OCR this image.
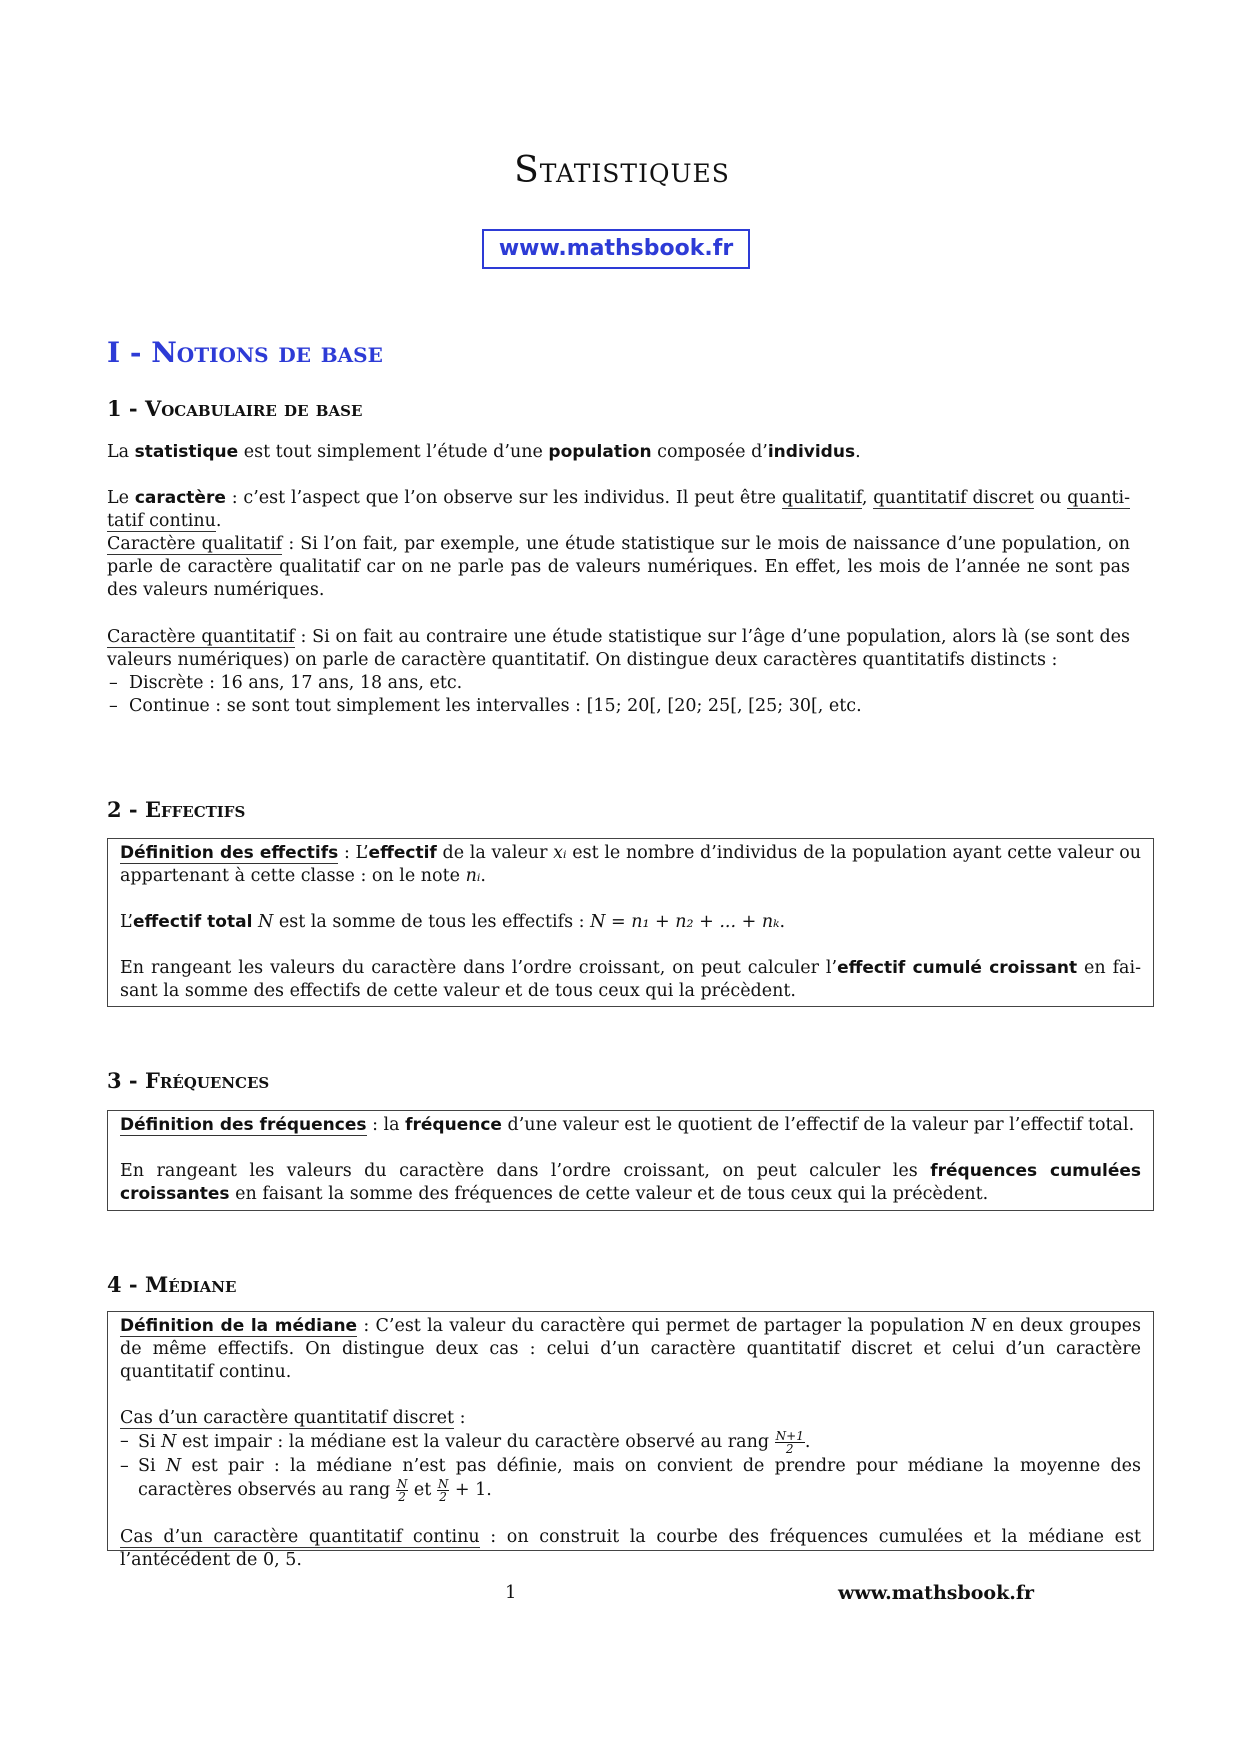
Statistiques
www.mathsbook.fr
I - Notions de base
1 - Vocabulaire de base
La statistique est tout simplement l’étude d’une population composée d’individus.
Le caractère : c’est l’aspect que l’on observe sur les individus. Il peut être qualitatif, quantitatif discret ou quanti-tatif continu.
Caractère qualitatif : Si l’on fait, par exemple, une étude statistique sur le mois de naissance d’une population, on parle de caractère qualitatif car on ne parle pas de valeurs numériques. En effet, les mois de l’année ne sont pas des valeurs numériques.
Caractère quantitatif : Si on fait au contraire une étude statistique sur l’âge d’une population, alors là (se sont des valeurs numériques) on parle de caractère quantitatif. On distingue deux caractères quantitatifs distincts :
– Discrète : 16 ans, 17 ans, 18 ans, etc.
– Continue : se sont tout simplement les intervalles : [15; 20[, [20; 25[, [25; 30[, etc.
2 - Effectifs
Définition des effectifs : L’effectif de la valeur xᵢ est le nombre d’individus de la population ayant cette valeur ou appartenant à cette classe : on le note nᵢ.
L’effectif total N est la somme de tous les effectifs : N = n₁ + n₂ + ... + nₖ.
En rangeant les valeurs du caractère dans l’ordre croissant, on peut calculer l’effectif cumulé croissant en fai-sant la somme des effectifs de cette valeur et de tous ceux qui la précèdent.
3 - Fréquences
Définition des fréquences : la fréquence d’une valeur est le quotient de l’effectif de la valeur par l’effectif total.
En rangeant les valeurs du caractère dans l’ordre croissant, on peut calculer les fréquences cumulées croissantes en faisant la somme des fréquences de cette valeur et de tous ceux qui la précèdent.
4 - Médiane
Définition de la médiane : C’est la valeur du caractère qui permet de partager la population N en deux groupes de même effectifs. On distingue deux cas : celui d’un caractère quantitatif discret et celui d’un caractère quantitatif continu.
Cas d’un caractère quantitatif discret :
– Si N est impair : la médiane est la valeur du caractère observé au rang $\frac{N+1}{2}$ .
– Si N est pair : la médiane n’est pas définie, mais on convient de prendre pour médiane la moyenne des caractères observés au rang $\frac{N}{2}$ et $\frac{N}{2} + 1$.
Cas d’un caractère quantitatif continu : on construit la courbe des fréquences cumulées et la médiane est l’antécédent de 0, 5.
1	www.mathsbook.fr
